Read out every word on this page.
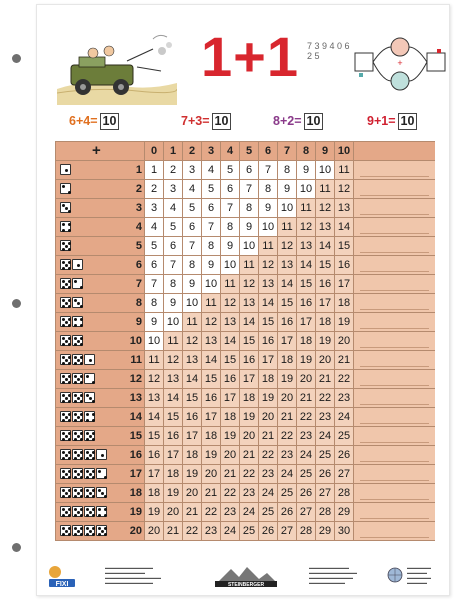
1+1 7 3 9 4 0 6 2 5
+
6+4= 10	7+3= 10	8+2= 10	9+1= 10
+	0	1	2	3	4	5	6	7	8	9 10
1 1	2	3	4	5	6	7	8	9 10 11
2 2	3	4	5	6	7	8	9 10 11 12
3 3	4	5	6	7	8	9 10 11 12 13
4 4	5	6	7	8	9 10 11 12 13 14
5 5	6	7	8	9 10 11 12 13 14 15
6 6	7	8	9 10 11 12 13 14 15 16
7 7	8	9 10 11 12 13 14 15 16 17
8 8	9 10 11 12 13 14 15 16 17 18
9 9 10 11 12 13 14 15 16 17 18 19
10 10 11 12 13 14 15 16 17 18 19 20
11 11 12 13 14 15 16 17 18 19 20 21
12 12 13 14 15 16 17 18 19 20 21 22
13 13 14 15 16 17 18 19 20 21 22 23
14 14 15 16 17 18 19 20 21 22 23 24
15 15 16 17 18 19 20 21 22 23 24 25
16 16 17 18 19 20 21 22 23 24 25 26
17 17 18 19 20 21 22 23 24 25 26 27
18 18 19 20 21 22 23 24 25 26 27 28
19 19 20 21 22 23 24 25 26 27 28 29
20 20 21 22 23 24 25 26 27 28 29 30
FIXI
▬▬▬▬▬▬▬▬▬▬▬▬
▬▬▬▬▬▬▬▬▬▬
▬▬▬▬▬▬▬▬▬▬▬▬▬▬
▬▬▬▬▬▬▬▬▬▬▬▬	STEINBERGER
▬▬▬▬▬▬▬▬▬▬
▬▬▬▬▬▬▬▬▬▬▬▬
▬▬▬▬▬▬▬▬▬▬▬
▬▬▬▬▬▬▬▬▬
▬▬▬▬▬▬
▬▬▬▬▬
▬▬▬▬▬▬
▬▬▬▬▬
